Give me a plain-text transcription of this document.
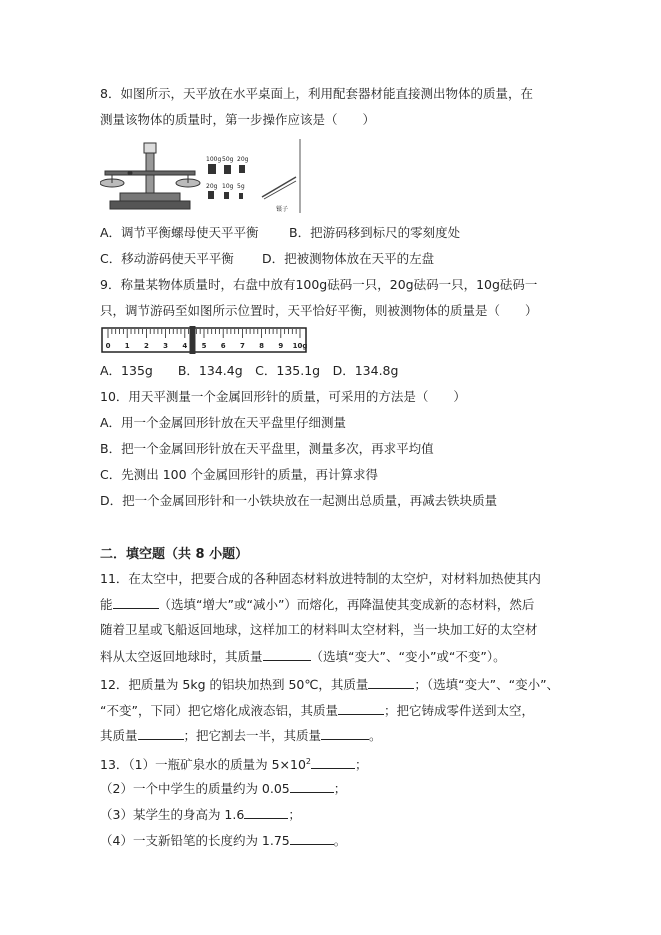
8．如图所示，天平放在水平桌面上，利用配套器材能直接测出物体的质量，在
测量该物体的质量时，第一步操作应该是（　　）
100g 50g 20g
20g 10g 5g
镊子
A．调节平衡螺母使天平平衡 B．把游码移到标尺的零刻度处
C．移动游码使天平平衡 D．把被测物体放在天平的左盘
9．称量某物体质量时，右盘中放有100g砝码一只，20g砝码一只，10g砝码一
只，调节游码至如图所示位置时，天平恰好平衡，则被测物体的质量是（　　）
0 1 2 3 4 5 6 7 8 9 10g
A．135g　　B．134.4g　C．135.1g　D．134.8g
10．用天平测量一个金属回形针的质量，可采用的方法是（　　）
A．用一个金属回形针放在天平盘里仔细测量
B．把一个金属回形针放在天平盘里，测量多次，再求平均值
C．先测出 100 个金属回形针的质量，再计算求得
D．把一个金属回形针和一小铁块放在一起测出总质量，再减去铁块质量
二．填空题（共 8 小题）
11．在太空中，把要合成的各种固态材料放进特制的太空炉，对材料加热使其内
能	（选填“增大”或“减小”）而熔化，再降温使其变成新的态材料，然后
随着卫星或飞船返回地球，这样加工的材料叫太空材料，当一块加工好的太空材
料从太空返回地球时，其质量	（选填“变大”、“变小”或“不变”）。
12．把质量为 5kg 的铝块加热到 50℃，其质量	；（选填“变大”、“变小”、
“不变”，下同）把它熔化成液态铝，其质量	；把它铸成零件送到太空，
其质量	；把它割去一半，其质量	。
13．（1）一瓶矿泉水的质量为 $5\times 10^2$	；
（2）一个中学生的质量约为 0.05	；
（3）某学生的身高为 1.6	；
（4）一支新铅笔的长度约为 1.75	。
